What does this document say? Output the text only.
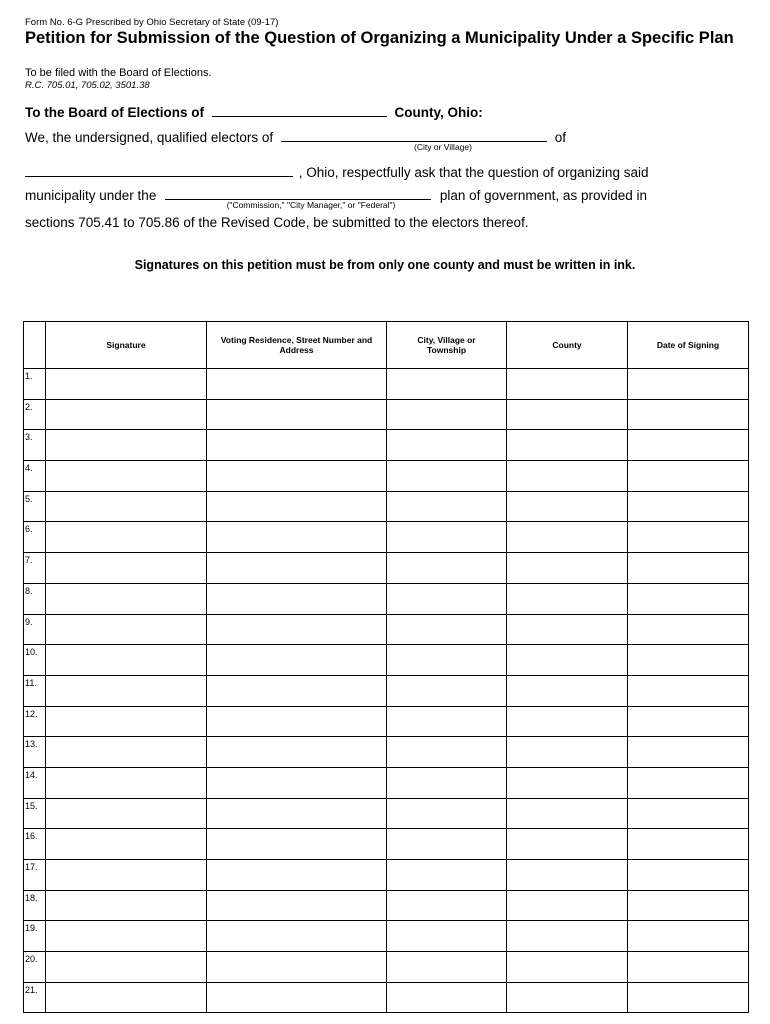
Form No. 6-G Prescribed by Ohio Secretary of State (09-17)
Petition for Submission of the Question of Organizing a Municipality Under a Specific Plan
To be filed with the Board of Elections.
R.C. 705.01, 705.02, 3501.38
To the Board of Elections of	County, Ohio:
We, the undersigned, qualified electors of	of
(City or Village)
, Ohio, respectfully ask that the question of organizing said
municipality under the	plan of government, as provided in
("Commission," "City Manager," or "Federal")
sections 705.41 to 705.86 of the Revised Code, be submitted to the electors thereof.
Signatures on this petition must be from only one county and must be written in ink.
	Signature	Voting Residence, Street Number and Address	City, Village or Township	County	Date of Signing
1.					
2.					
3.					
4.					
5.					
6.					
7.					
8.					
9.					
10.					
11.					
12.					
13.					
14.					
15.					
16.					
17.					
18.					
19.					
20.					
21.					
